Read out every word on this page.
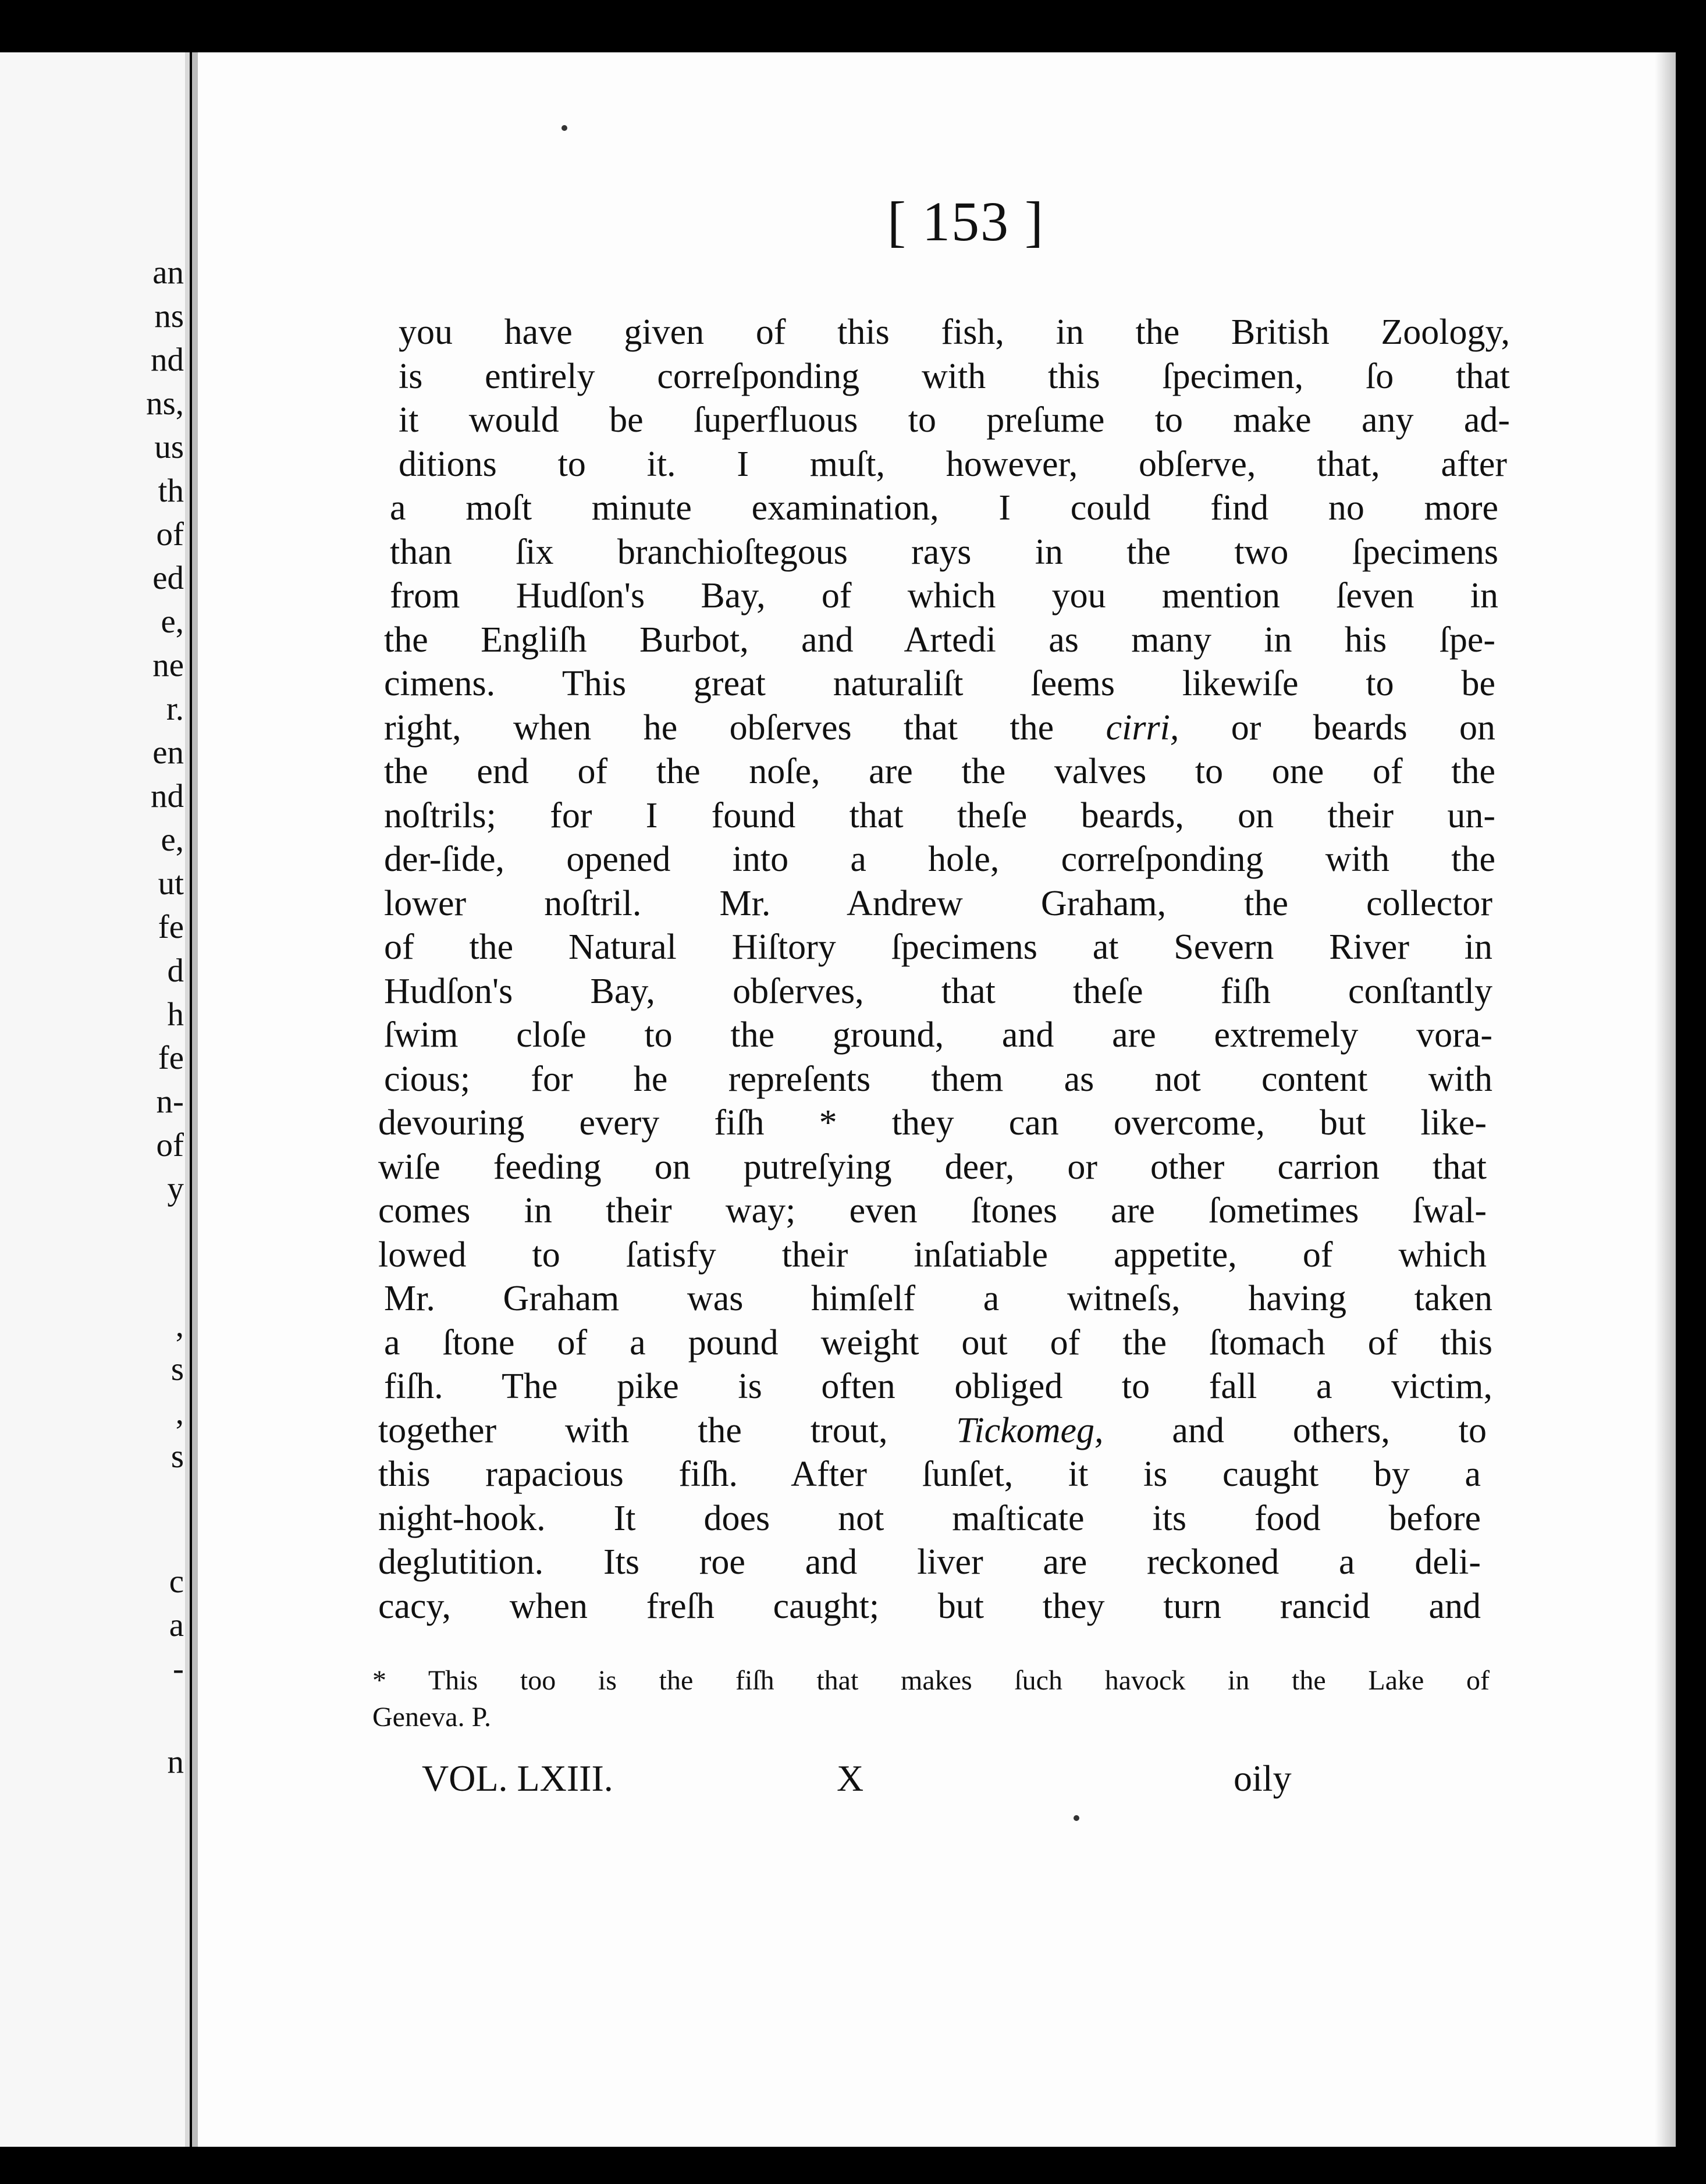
an
ns
nd
ns,
us
th
of
ed
e,
ne
r.
en
nd
e,
ut
fe
d
h
fe
n-
of
y
,
s
,
s
c
a
-
n
[ 153 ]
you have given of this fish, in the British Zoology,
is entirely correſponding with this ſpecimen, ſo that
it would be ſuperfluous to preſume to make any ad-
ditions to it. I muſt, however, obſerve, that, after
a moſt minute examination, I could find no more
than ſix branchioſtegous rays in the two ſpecimens
from Hudſon's Bay, of which you mention ſeven in
the Engliſh Burbot, and Artedi as many in his ſpe-
cimens. This great naturaliſt ſeems likewiſe to be
right, when he obſerves that the cirri, or beards on
the end of the noſe, are the valves to one of the
noſtrils; for I found that theſe beards, on their un-
der-ſide, opened into a hole, correſponding with the
lower noſtril. Mr. Andrew Graham, the collector
of the Natural Hiſtory ſpecimens at Severn River in
Hudſon's Bay, obſerves, that theſe fiſh conſtantly
ſwim cloſe to the ground, and are extremely vora-
cious; for he repreſents them as not content with
devouring every fiſh * they can overcome, but like-
wiſe feeding on putreſying deer, or other carrion that
comes in their way; even ſtones are ſometimes ſwal-
lowed to ſatisfy their inſatiable appetite, of which
Mr. Graham was himſelf a witneſs, having taken
a ſtone of a pound weight out of the ſtomach of this
fiſh. The pike is often obliged to fall a victim,
together with the trout, Tickomeg, and others, to
this rapacious fiſh. After ſunſet, it is caught by a
night-hook. It does not maſticate its food before
deglutition. Its roe and liver are reckoned a deli-
cacy, when freſh caught; but they turn rancid and
* This too is the fiſh that makes ſuch havock in the Lake of
Geneva. P.
VOL. LXIII.	X	oily
